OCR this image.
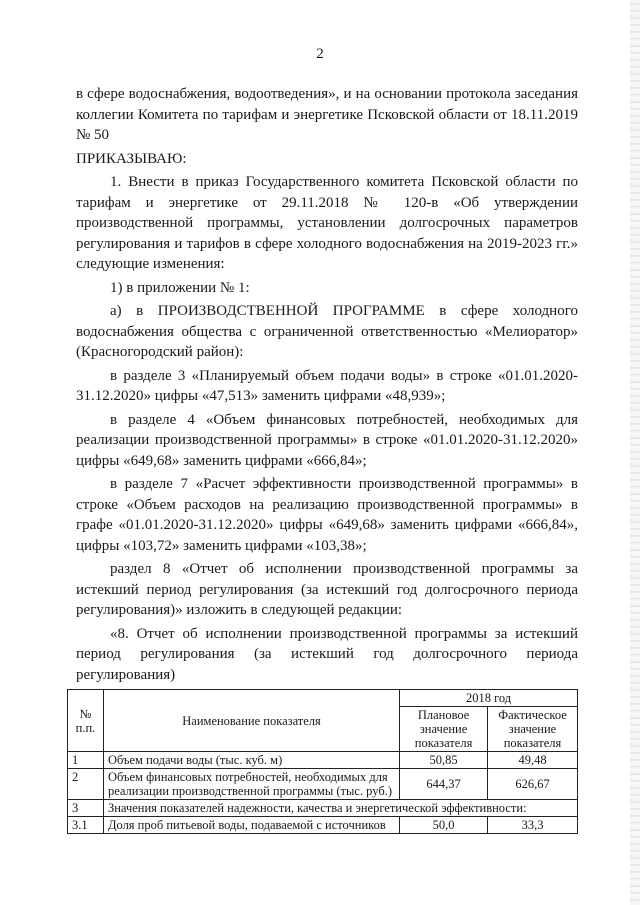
2

в сфере водоснабжения, водоотведения», и на основании протокола заседания коллегии Комитета по тарифам и энергетике Псковской области от 18.11.2019 № 50

ПРИКАЗЫВАЮ:

1. Внести в приказ Государственного комитета Псковской области по тарифам и энергетике от 29.11.2018 № 120-в «Об утверждении производственной программы, установлении долгосрочных параметров регулирования и тарифов в сфере холодного водоснабжения на 2019-2023 гг.» следующие изменения:

1) в приложении № 1:

а) в ПРОИЗВОДСТВЕННОЙ ПРОГРАММЕ в сфере холодного водоснабжения общества с ограниченной ответственностью «Мелиоратор» (Красногородский район):

в разделе 3 «Планируемый объем подачи воды» в строке «01.01.2020-31.12.2020» цифры «47,513» заменить цифрами «48,939»;

в разделе 4 «Объем финансовых потребностей, необходимых для реализации производственной программы» в строке «01.01.2020-31.12.2020» цифры «649,68» заменить цифрами «666,84»;

в разделе 7 «Расчет эффективности производственной программы» в строке «Объем расходов на реализацию производственной программы» в графе «01.01.2020-31.12.2020» цифры «649,68» заменить цифрами «666,84», цифры «103,72» заменить цифрами «103,38»;

раздел 8 «Отчет об исполнении производственной программы за истекший период регулирования (за истекший год долгосрочного периода регулирования)» изложить в следующей редакции:

«8. Отчет об исполнении производственной программы за истекший период регулирования (за истекший год долгосрочного периода регулирования)

№ п.п.	Наименование показателя	2018 год	
		Плановое значение показателя	Фактическое значение показателя
1	Объем подачи воды (тыс. куб. м)	50,85	49,48
2	Объем финансовых потребностей, необходимых для реализации производственной программы (тыс. руб.)	644,37	626,67
3	Значения показателей надежности, качества и энергетической эффективности:		
3.1	Доля проб питьевой воды, подаваемой с источников	50,0	33,3
